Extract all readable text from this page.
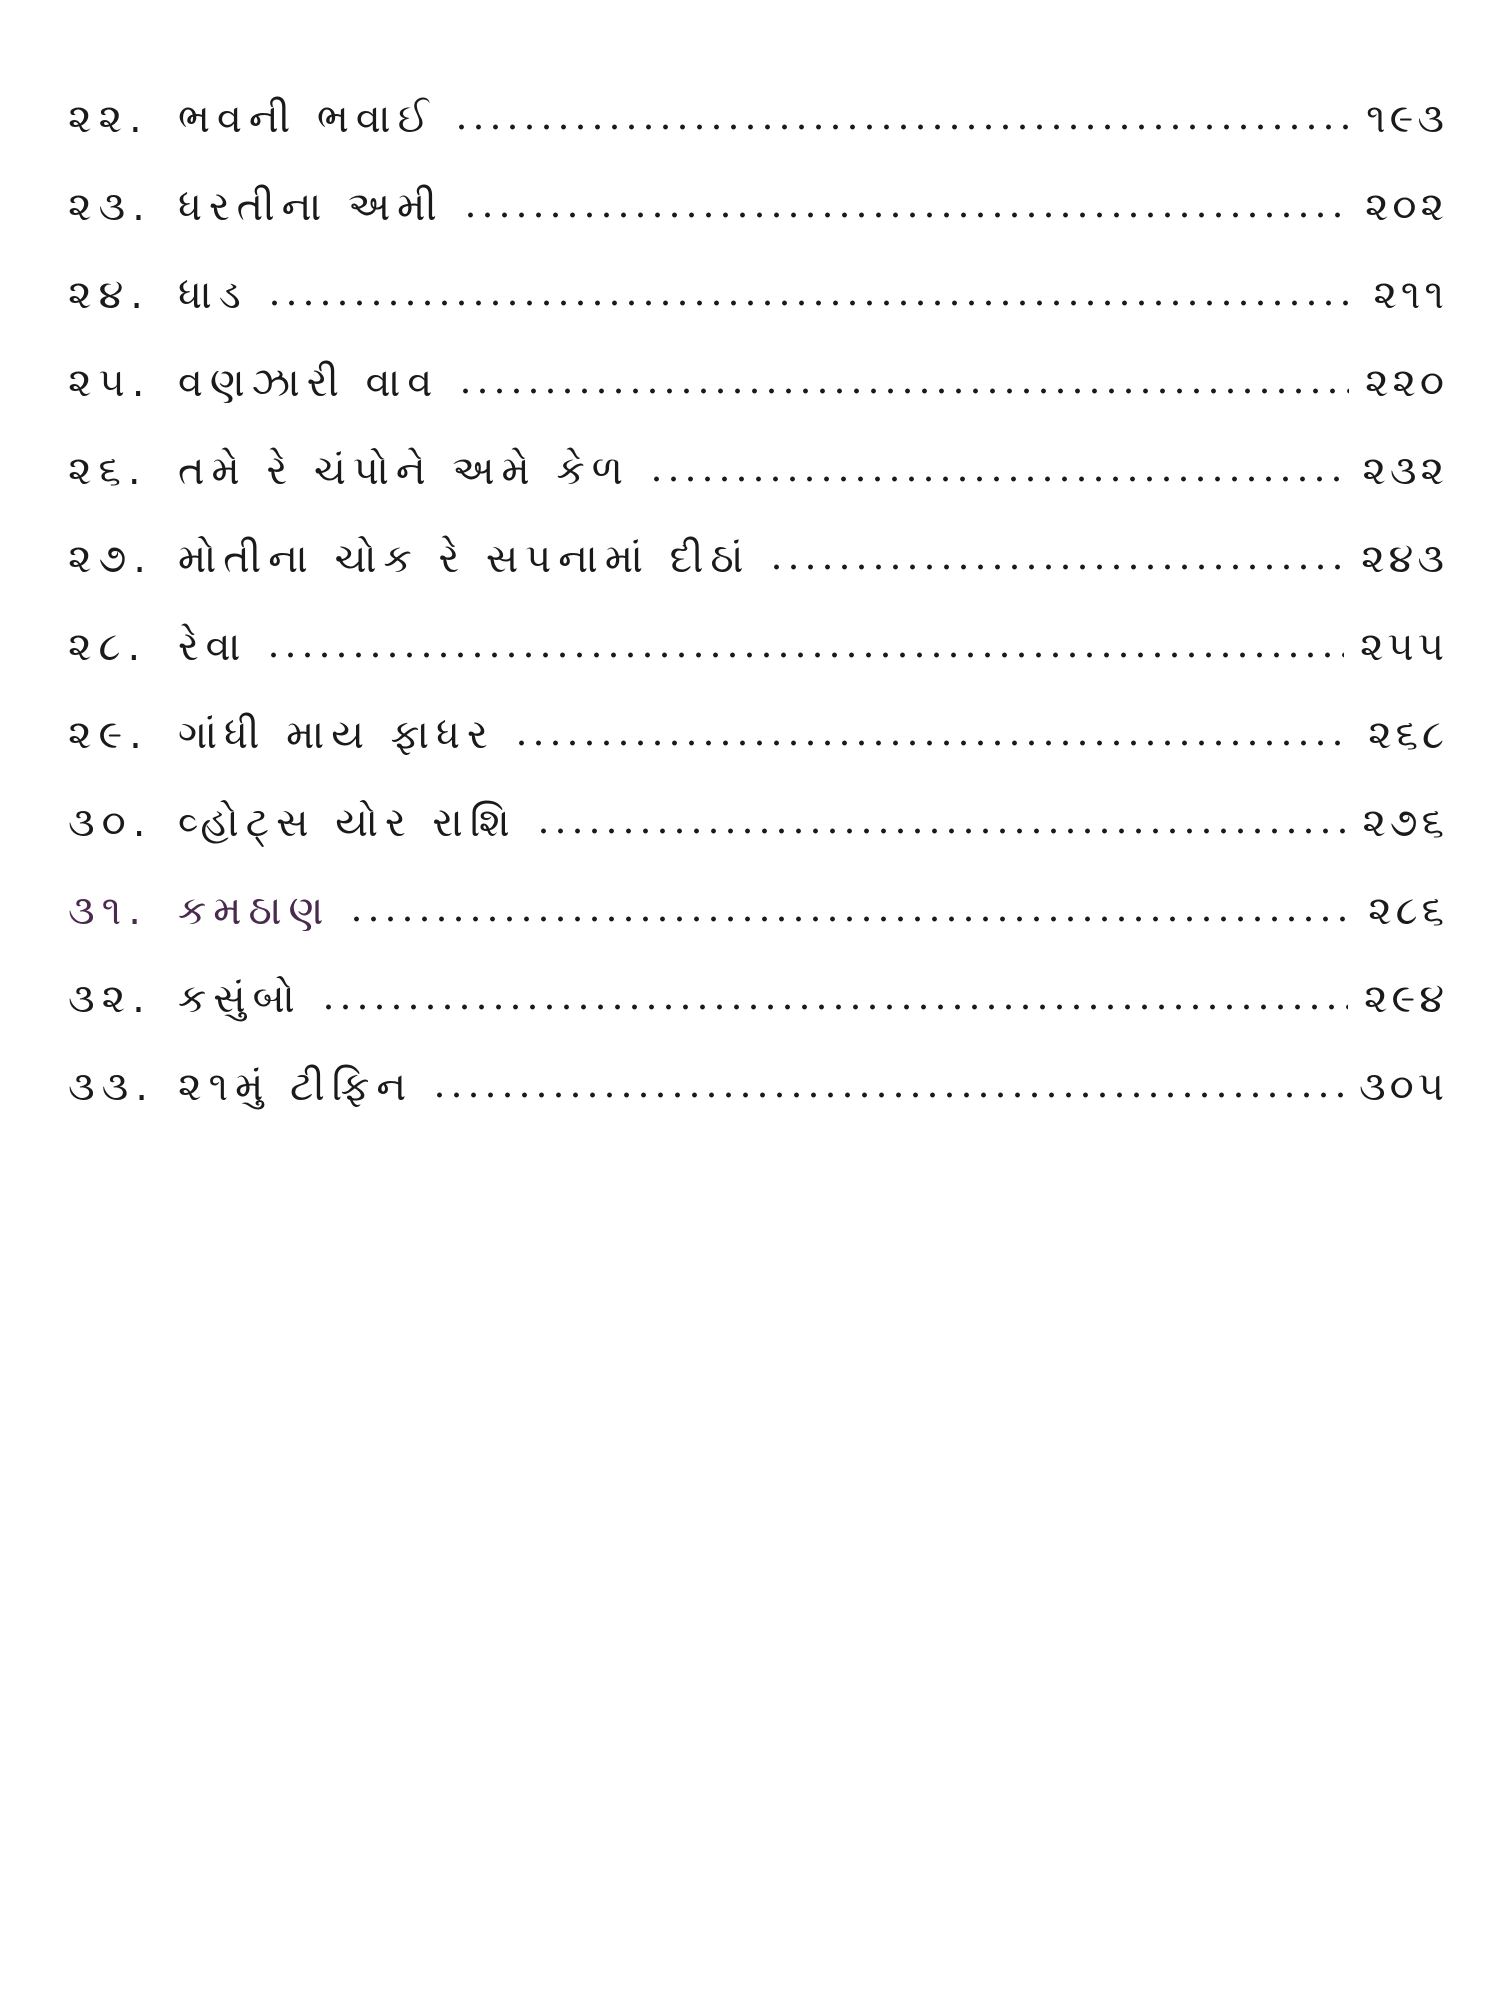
૨૨. ભવની ભવાઈ	૧૯૩
૨૩. ધરતીના અમી	૨૦૨
૨૪. ધાડ	૨૧૧
૨૫. વણઝારી વાવ	૨૨૦
૨૬. તમે રે ચંપોને અમે કેળ	૨૩૨
૨૭. મોતીના ચોક રે સપનામાં દીઠાં	૨૪૩
૨૮. રેવા	૨૫૫
૨૯. ગાંધી માય ફાધર	૨૬૮
૩૦. વ્હોટ્સ યોર રાશિ	૨૭૬
૩૧. કમઠાણ	૨૮૬
૩૨. કસુંબો	૨૯૪
૩૩. ૨૧મું ટીફિન	૩૦૫
